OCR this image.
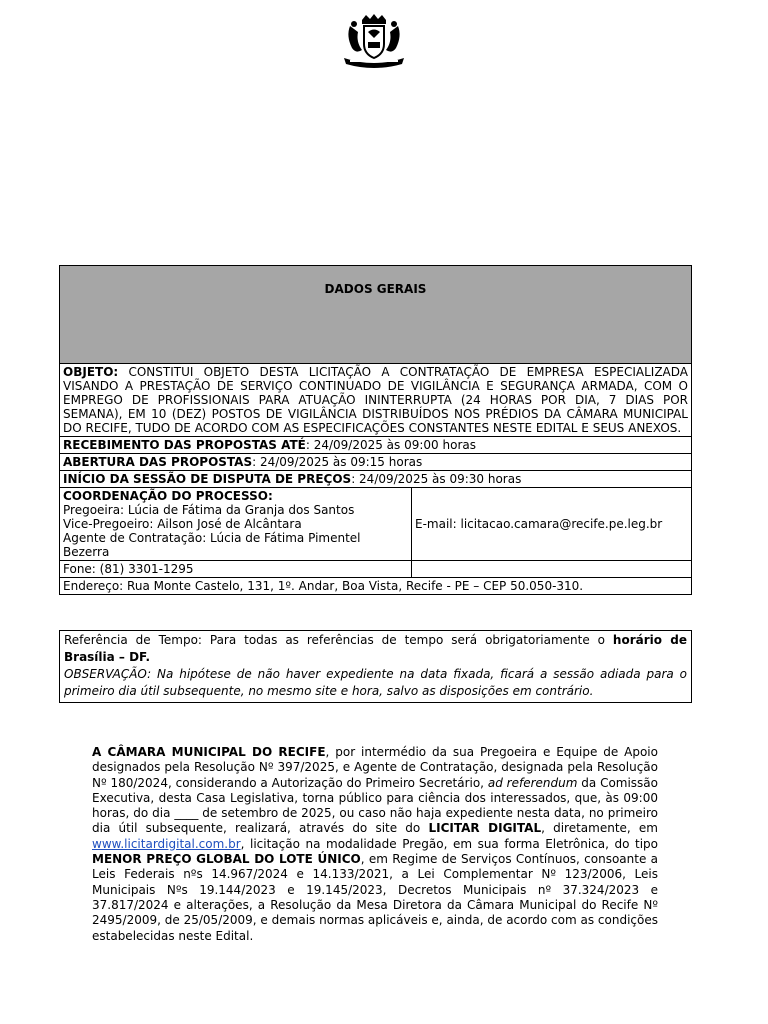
DADOS GERAIS	
OBJETO: CONSTITUI OBJETO DESTA LICITAÇÃO A CONTRATAÇÃO DE EMPRESA ESPECIALIZADA VISANDO A PRESTAÇÃO DE SERVIÇO CONTINUADO DE VIGILÂNCIA E SEGURANÇA ARMADA, COM O EMPREGO DE PROFISSIONAIS PARA ATUAÇÃO ININTERRUPTA (24 HORAS POR DIA, 7 DIAS POR SEMANA), EM 10 (DEZ) POSTOS DE VIGILÂNCIA DISTRIBUÍDOS NOS PRÉDIOS DA CÂMARA MUNICIPAL DO RECIFE, TUDO DE ACORDO COM AS ESPECIFICAÇÕES CONSTANTES NESTE EDITAL E SEUS ANEXOS.	
RECEBIMENTO DAS PROPOSTAS ATÉ: 24/09/2025 às 09:00 horas	
ABERTURA DAS PROPOSTAS: 24/09/2025 às 09:15 horas	
INÍCIO DA SESSÃO DE DISPUTA DE PREÇOS: 24/09/2025 às 09:30 horas	
COORDENAÇÃO DO PROCESSO:
Pregoeira: Lúcia de Fátima da Granja dos Santos
Vice-Pregoeiro: Ailson José de Alcântara
Agente de Contratação: Lúcia de Fátima Pimentel Bezerra	E-mail: licitacao.camara@recife.pe.leg.br
Fone: (81) 3301-1295	
Endereço: Rua Monte Castelo, 131, 1º. Andar, Boa Vista, Recife - PE – CEP 50.050-310.	
Referência de Tempo: Para todas as referências de tempo será obrigatoriamente o horário de Brasília – DF.
OBSERVAÇÃO: Na hipótese de não haver expediente na data fixada, ficará a sessão adiada para o primeiro dia útil subsequente, no mesmo site e hora, salvo as disposições em contrário.
A CÂMARA MUNICIPAL DO RECIFE, por intermédio da sua Pregoeira e Equipe de Apoio designados pela Resolução Nº 397/2025, e Agente de Contratação, designada pela Resolução Nº 180/2024, considerando a Autorização do Primeiro Secretário, ad referendum da Comissão Executiva, desta Casa Legislativa, torna público para ciência dos interessados, que, às 09:00 horas, do dia ____ de setembro de 2025, ou caso não haja expediente nesta data, no primeiro dia útil subsequente, realizará, através do site do LICITAR DIGITAL, diretamente, em www.licitardigital.com.br, licitação na modalidade Pregão, em sua forma Eletrônica, do tipo MENOR PREÇO GLOBAL DO LOTE ÚNICO, em Regime de Serviços Contínuos, consoante a Leis Federais nºs 14.967/2024 e 14.133/2021, a Lei Complementar Nº 123/2006, Leis Municipais Nºs 19.144/2023 e 19.145/2023, Decretos Municipais nº 37.324/2023 e 37.817/2024 e alterações, a Resolução da Mesa Diretora da Câmara Municipal do Recife Nº 2495/2009, de 25/05/2009, e demais normas aplicáveis e, ainda, de acordo com as condições estabelecidas neste Edital.
